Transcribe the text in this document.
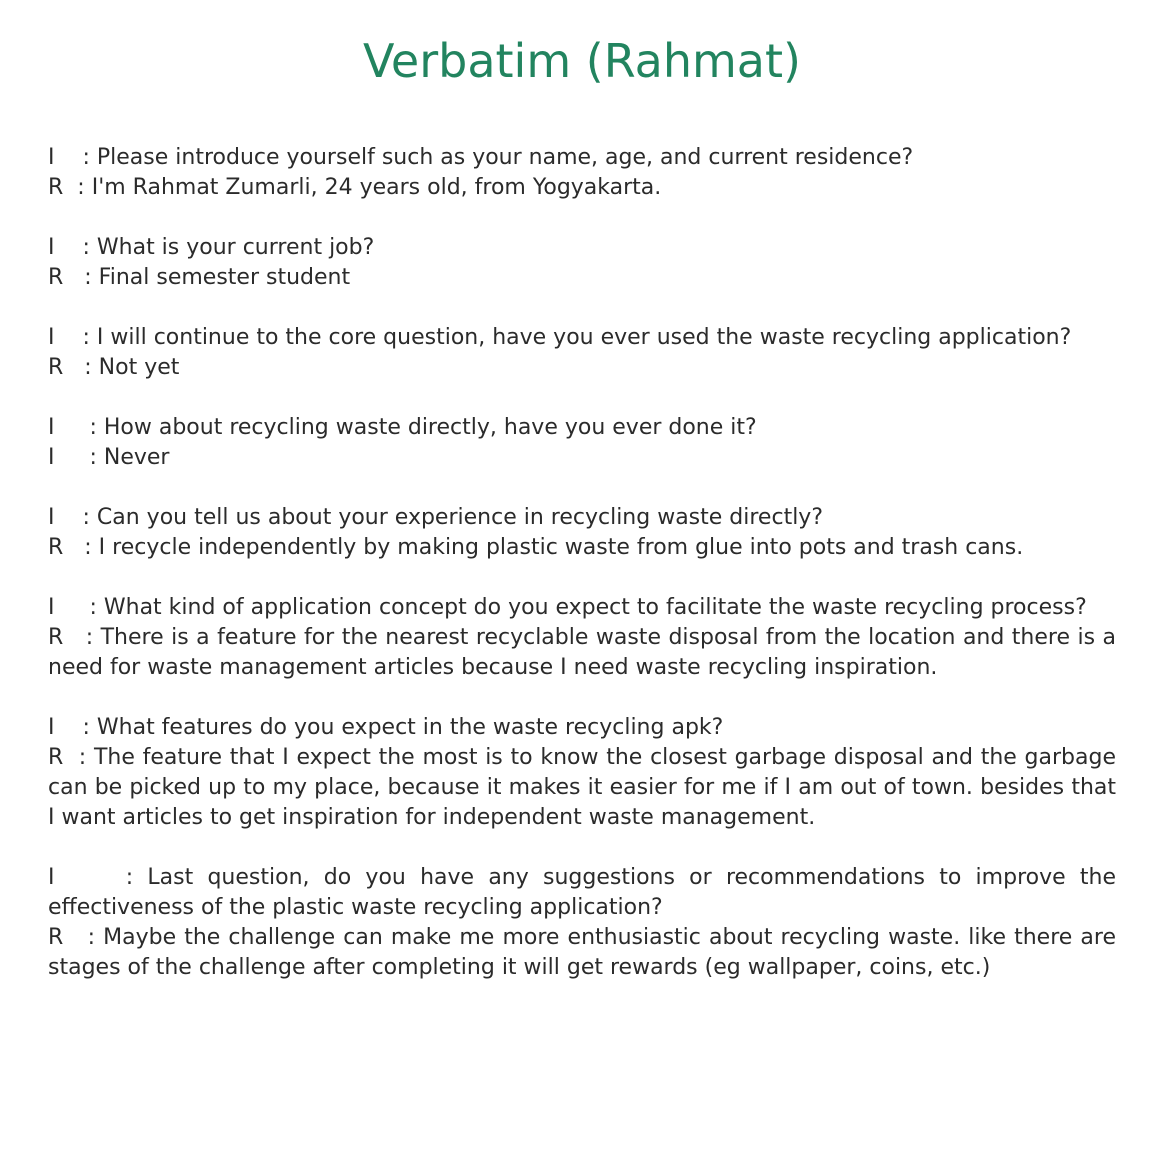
Verbatim (Rahmat)

I : Please introduce yourself such as your name, age, and current residence?

R : I'm Rahmat Zumarli, 24 years old, from Yogyakarta.

I : What is your current job?

R : Final semester student

I : I will continue to the core question, have you ever used the waste recycling application?

R : Not yet

I : How about recycling waste directly, have you ever done it?

I : Never

I : Can you tell us about your experience in recycling waste directly?

R : I recycle independently by making plastic waste from glue into pots and trash cans.

I : What kind of application concept do you expect to facilitate the waste recycling process?

R : There is a feature for the nearest recyclable waste disposal from the location and there is a need for waste management articles because I need waste recycling inspiration.

I : What features do you expect in the waste recycling apk?

R : The feature that I expect the most is to know the closest garbage disposal and the garbage can be picked up to my place, because it makes it easier for me if I am out of town. besides that I want articles to get inspiration for independent waste management.

I	: Last question, do you have any suggestions or recommendations to improve the effectiveness of the plastic waste recycling application?

R : Maybe the challenge can make me more enthusiastic about recycling waste. like there are stages of the challenge after completing it will get rewards (eg wallpaper, coins, etc.)
